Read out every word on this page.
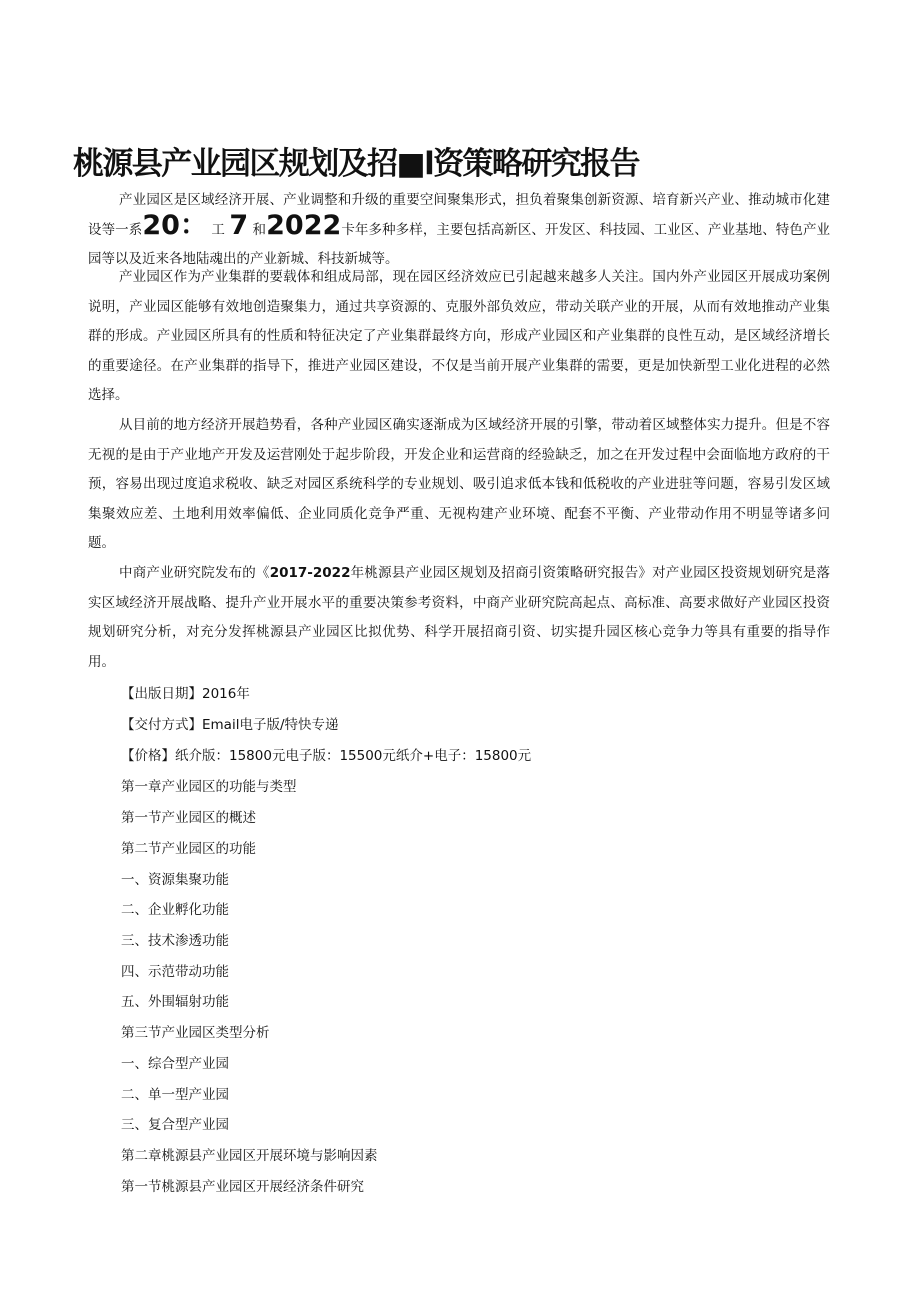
桃源县产业园区规划及招■l资策略研究报告

产业园区是区域经济开展、产业调整和升级的重要空间聚集形式，担负着聚集创新资源、培育新兴产业、推动城市化建设等一系20： 工 7 和2022卡年多种多样，主要包括高新区、开发区、科技园、工业区、产业基地、特色产业园等以及近来各地陆魂出的产业新城、科技新城等。

产业园区作为产业集群的要载体和组成局部，现在园区经济效应已引起越来越多人关注。国内外产业园区开展成功案例说明，产业园区能够有效地创造聚集力，通过共享资源的、克服外部负效应，带动关联产业的开展，从而有效地推动产业集群的形成。产业园区所具有的性质和特征决定了产业集群最终方向，形成产业园区和产业集群的良性互动，是区域经济增长的重要途径。在产业集群的指导下，推进产业园区建设，不仅是当前开展产业集群的需要，更是加快新型工业化进程的必然选择。

从目前的地方经济开展趋势看，各种产业园区确实逐渐成为区域经济开展的引擎，带动着区域整体实力提升。但是不容无视的是由于产业地产开发及运营刚处于起步阶段，开发企业和运营商的经验缺乏，加之在开发过程中会面临地方政府的干预，容易出现过度追求税收、缺乏对园区系统科学的专业规划、吸引追求低本钱和低税收的产业进驻等问题，容易引发区域集聚效应差、土地利用效率偏低、企业同质化竞争严重、无视构建产业环境、配套不平衡、产业带动作用不明显等诸多问题。

中商产业研究院发布的《2017-2022年桃源县产业园区规划及招商引资策略研究报告》对产业园区投资规划研究是落实区域经济开展战略、提升产业开展水平的重要决策参考资料，中商产业研究院高起点、高标准、高要求做好产业园区投资规划研究分析，对充分发挥桃源县产业园区比拟优势、科学开展招商引资、切实提升园区核心竞争力等具有重要的指导作用。

【出版日期】2016年

【交付方式】Email电子版/特快专递

【价格】纸介版：15800元电子版：15500元纸介+电子：15800元

第一章产业园区的功能与类型

第一节产业园区的概述

第二节产业园区的功能

一、资源集聚功能

二、企业孵化功能

三、技术渗透功能

四、示范带动功能

五、外围辐射功能

第三节产业园区类型分析

一、综合型产业园

二、单一型产业园

三、复合型产业园

第二章桃源县产业园区开展环境与影响因素

第一节桃源县产业园区开展经济条件研究
